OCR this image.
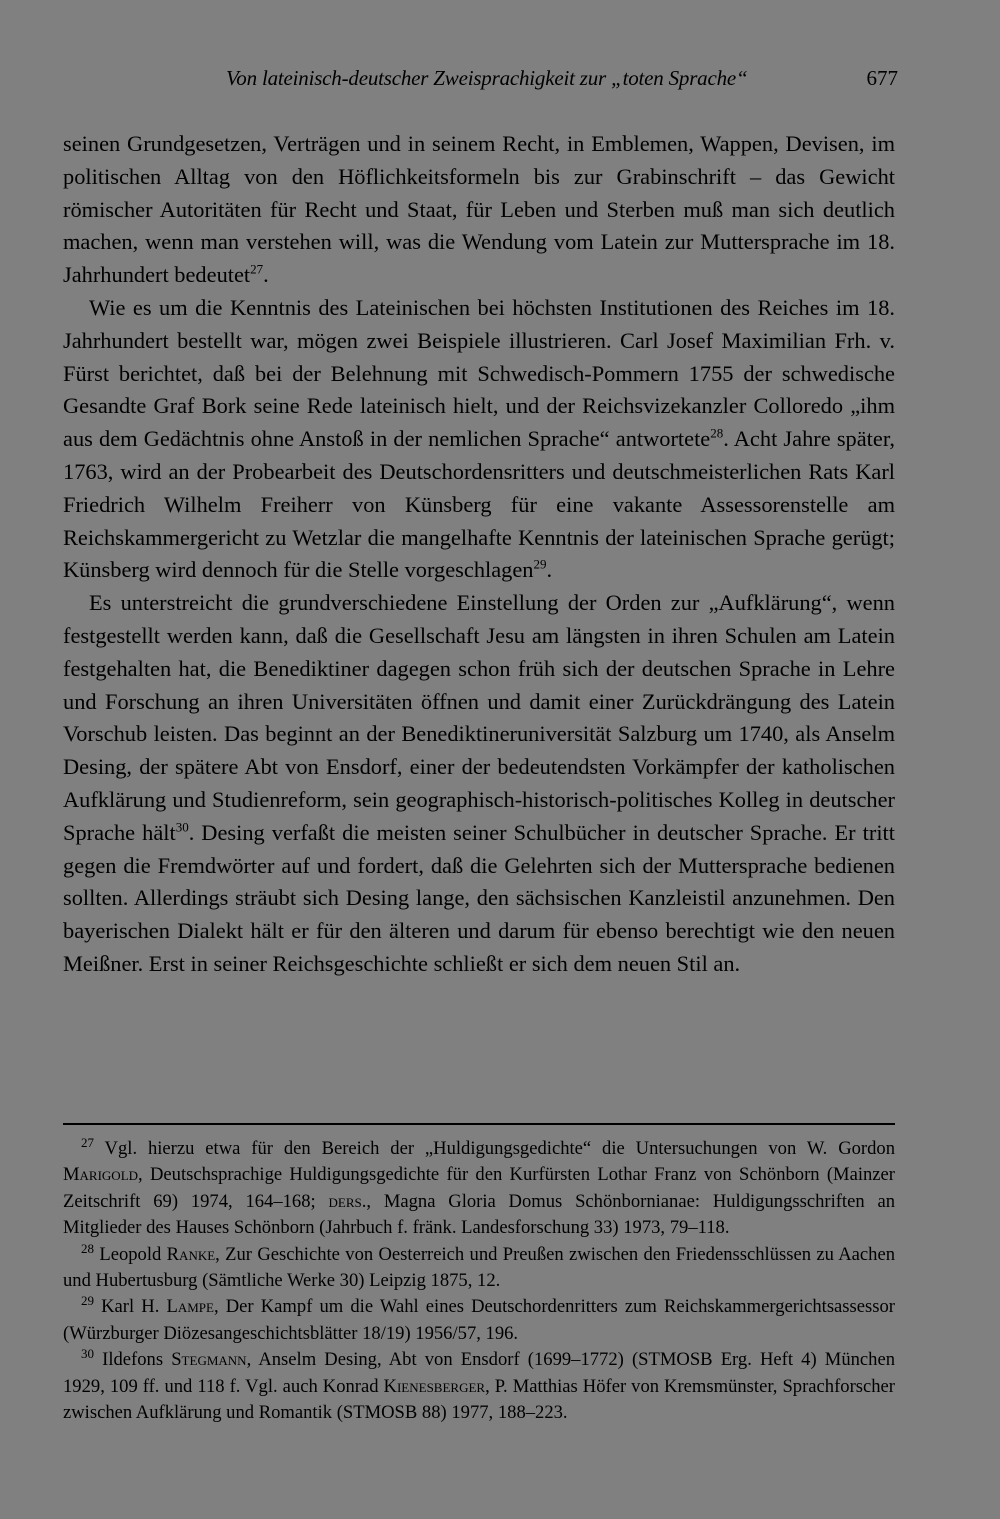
Von lateinisch-deutscher Zweisprachigkeit zur „toten Sprache“	677

seinen Grundgesetzen, Verträgen und in seinem Recht, in Emblemen, Wappen, Devisen, im politischen Alltag von den Höflichkeitsformeln bis zur Grabinschrift – das Gewicht römischer Autoritäten für Recht und Staat, für Leben und Sterben muß man sich deutlich machen, wenn man verstehen will, was die Wendung vom Latein zur Muttersprache im 18. Jahrhundert bedeutet$^{27}$.

Wie es um die Kenntnis des Lateinischen bei höchsten Institutionen des Reiches im 18. Jahrhundert bestellt war, mögen zwei Beispiele illustrieren. Carl Josef Maximilian Frh. v. Fürst berichtet, daß bei der Belehnung mit Schwedisch-Pommern 1755 der schwedische Gesandte Graf Bork seine Rede lateinisch hielt, und der Reichsvizekanzler Colloredo „ihm aus dem Gedächtnis ohne Anstoß in der nemlichen Sprache“ antwortete$^{28}$. Acht Jahre später, 1763, wird an der Probearbeit des Deutschordensritters und deutschmeisterlichen Rats Karl Friedrich Wilhelm Freiherr von Künsberg für eine vakante Assessorenstelle am Reichskammergericht zu Wetzlar die mangelhafte Kenntnis der lateinischen Sprache gerügt; Künsberg wird dennoch für die Stelle vorgeschlagen$^{29}$.

Es unterstreicht die grundverschiedene Einstellung der Orden zur „Aufklärung“, wenn festgestellt werden kann, daß die Gesellschaft Jesu am längsten in ihren Schulen am Latein festgehalten hat, die Benediktiner dagegen schon früh sich der deutschen Sprache in Lehre und Forschung an ihren Universitäten öffnen und damit einer Zurückdrängung des Latein Vorschub leisten. Das beginnt an der Benediktineruniversität Salzburg um 1740, als Anselm Desing, der spätere Abt von Ensdorf, einer der bedeutendsten Vorkämpfer der katholischen Aufklärung und Studienreform, sein geographisch-historisch-politisches Kolleg in deutscher Sprache hält$^{30}$. Desing verfaßt die meisten seiner Schulbücher in deutscher Sprache. Er tritt gegen die Fremdwörter auf und fordert, daß die Gelehrten sich der Muttersprache bedienen sollten. Allerdings sträubt sich Desing lange, den sächsischen Kanzleistil anzunehmen. Den bayerischen Dialekt hält er für den älteren und darum für ebenso berechtigt wie den neuen Meißner. Erst in seiner Reichsgeschichte schließt er sich dem neuen Stil an.

$^{27}$ Vgl. hierzu etwa für den Bereich der „Huldigungsgedichte“ die Untersuchungen von W. Gordon Marigold, Deutschsprachige Huldigungsgedichte für den Kurfürsten Lothar Franz von Schönborn (Mainzer Zeitschrift 69) 1974, 164–168; ders., Magna Gloria Domus Schönbornianae: Huldigungsschriften an Mitglieder des Hauses Schönborn (Jahrbuch f. fränk. Landesforschung 33) 1973, 79–118.

$^{28}$ Leopold Ranke, Zur Geschichte von Oesterreich und Preußen zwischen den Friedensschlüssen zu Aachen und Hubertusburg (Sämtliche Werke 30) Leipzig 1875, 12.

$^{29}$ Karl H. Lampe, Der Kampf um die Wahl eines Deutschordenritters zum Reichskammergerichtsassessor (Würzburger Diözesangeschichtsblätter 18/19) 1956/57, 196.

$^{30}$ Ildefons Stegmann, Anselm Desing, Abt von Ensdorf (1699–1772) (STMOSB Erg. Heft 4) München 1929, 109 ff. und 118 f. Vgl. auch Konrad Kienesberger, P. Matthias Höfer von Kremsmünster, Sprachforscher zwischen Aufklärung und Romantik (STMOSB 88) 1977, 188–223.
